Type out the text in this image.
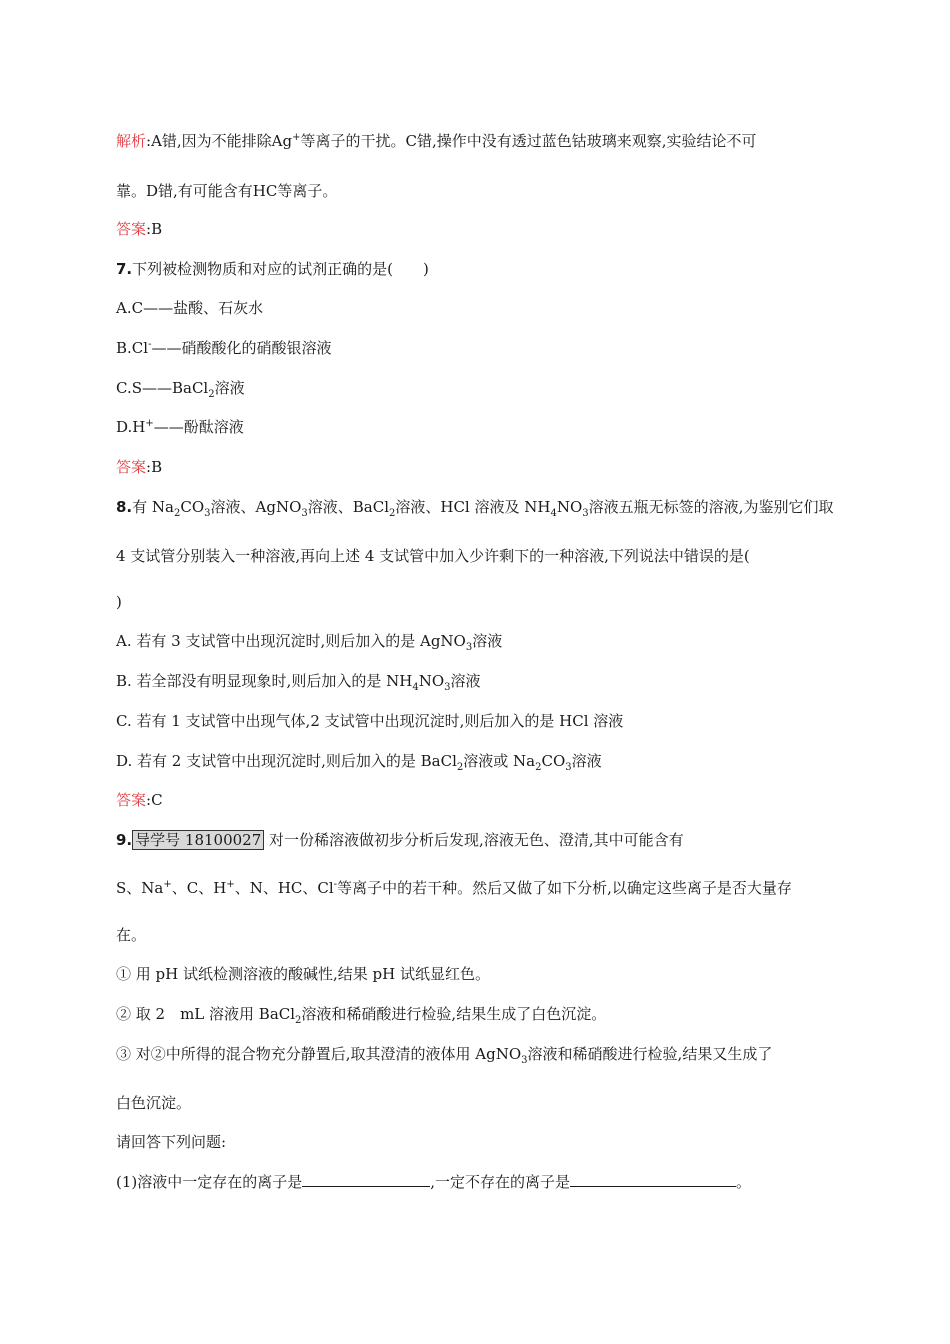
解析:A错,因为不能排除Ag+等离子的干扰。C错,操作中没有透过蓝色钴玻璃来观察,实验结论不可
靠。D错,有可能含有HC等离子。
答案:B
7.下列被检测物质和对应的试剂正确的是(　　)
A.C——盐酸、石灰水
B.Cl-——硝酸酸化的硝酸银溶液
C.S——BaCl$_2$溶液
D.H+——酚酞溶液
答案:B
8.有 $Na_2CO_3$溶液、AgNO$_3$溶液、BaCl$_2$溶液、HCl 溶液及 $NH_4NO_3$溶液五瓶无标签的溶液,为鉴别它们取
4 支试管分别装入一种溶液,再向上述 4 支试管中加入少许剩下的一种溶液,下列说法中错误的是(
)
A. 若有 3 支试管中出现沉淀时,则后加入的是 AgNO$_3$溶液
B. 若全部没有明显现象时,则后加入的是 $NH_4NO_3$溶液
C. 若有 1 支试管中出现气体,2 支试管中出现沉淀时,则后加入的是 HCl 溶液
D. 若有 2 支试管中出现沉淀时,则后加入的是 BaCl$_2$溶液或 $Na_2CO_3$溶液
答案:C
9. 导学号 18100027 对一份稀溶液做初步分析后发现,溶液无色、澄清,其中可能含有
S、Na+、C、H+、N、HC、Cl-等离子中的若干种。然后又做了如下分析,以确定这些离子是否大量存
在。
① 用 pH 试纸检测溶液的酸碱性,结果 pH 试纸显红色。
② 取 2　mL 溶液用 BaCl$_2$溶液和稀硝酸进行检验,结果生成了白色沉淀。
③ 对②中所得的混合物充分静置后,取其澄清的液体用 AgNO$_3$溶液和稀硝酸进行检验,结果又生成了
白色沉淀。
请回答下列问题:
(1)溶液中一定存在的离子是	,一定不存在的离子是	。
